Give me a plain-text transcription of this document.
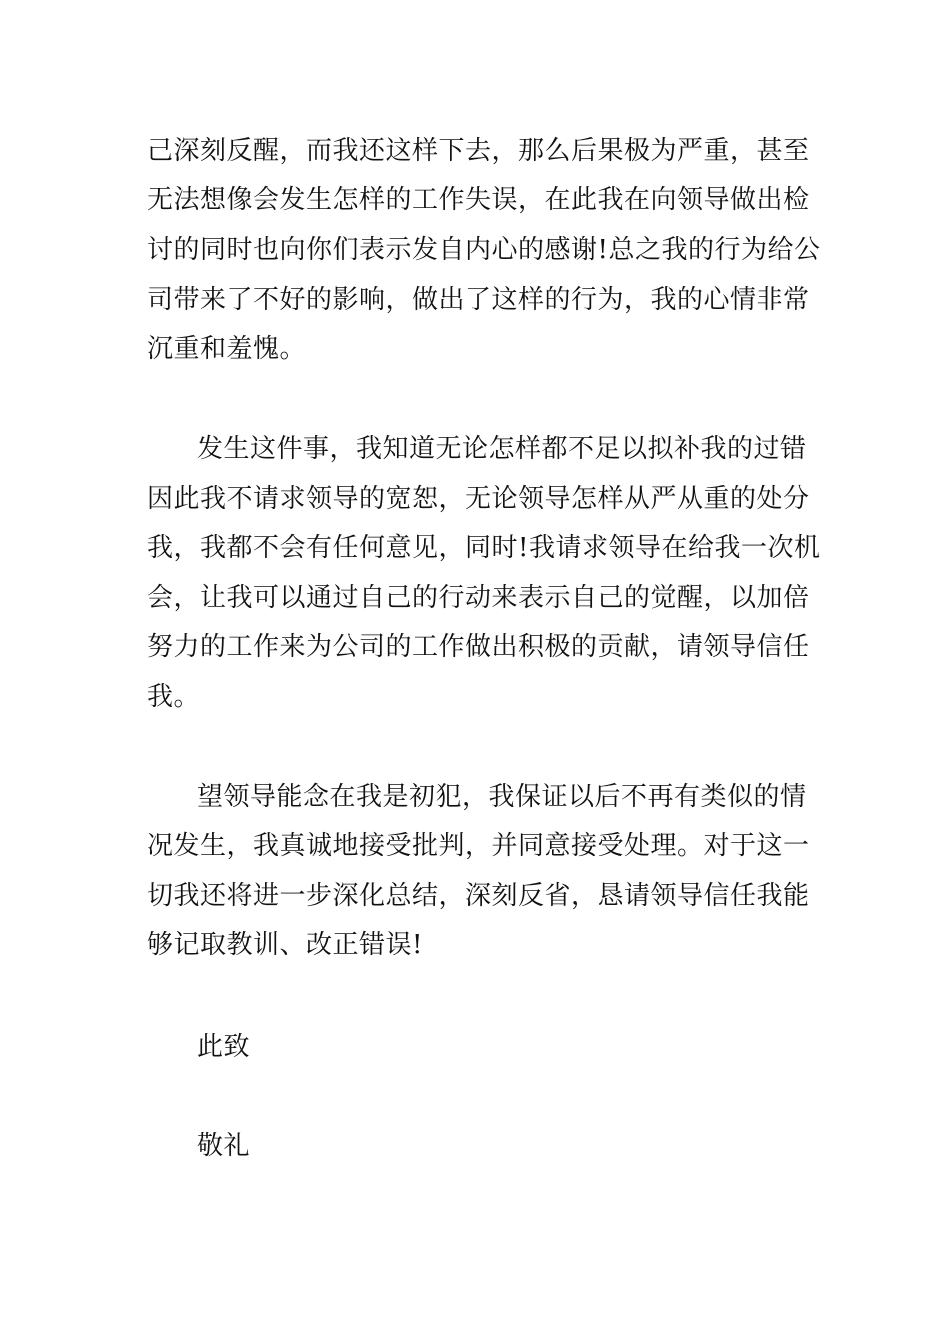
己深刻反醒，而我还这样下去，那么后果极为严重，甚至
无法想像会发生怎样的工作失误，在此我在向领导做出检
讨的同时也向你们表示发自内心的感谢!总之我的行为给公
司带来了不好的影响，做出了这样的行为，我的心情非常
沉重和羞愧。
发生这件事，我知道无论怎样都不足以拟补我的过错
因此我不请求领导的宽恕，无论领导怎样从严从重的处分
我，我都不会有任何意见，同时!我请求领导在给我一次机
会，让我可以通过自己的行动来表示自己的觉醒，以加倍
努力的工作来为公司的工作做出积极的贡献，请领导信任
我。
望领导能念在我是初犯，我保证以后不再有类似的情
况发生，我真诚地接受批判，并同意接受处理。对于这一
切我还将进一步深化总结，深刻反省，恳请领导信任我能
够记取教训、改正错误!
此致
敬礼
